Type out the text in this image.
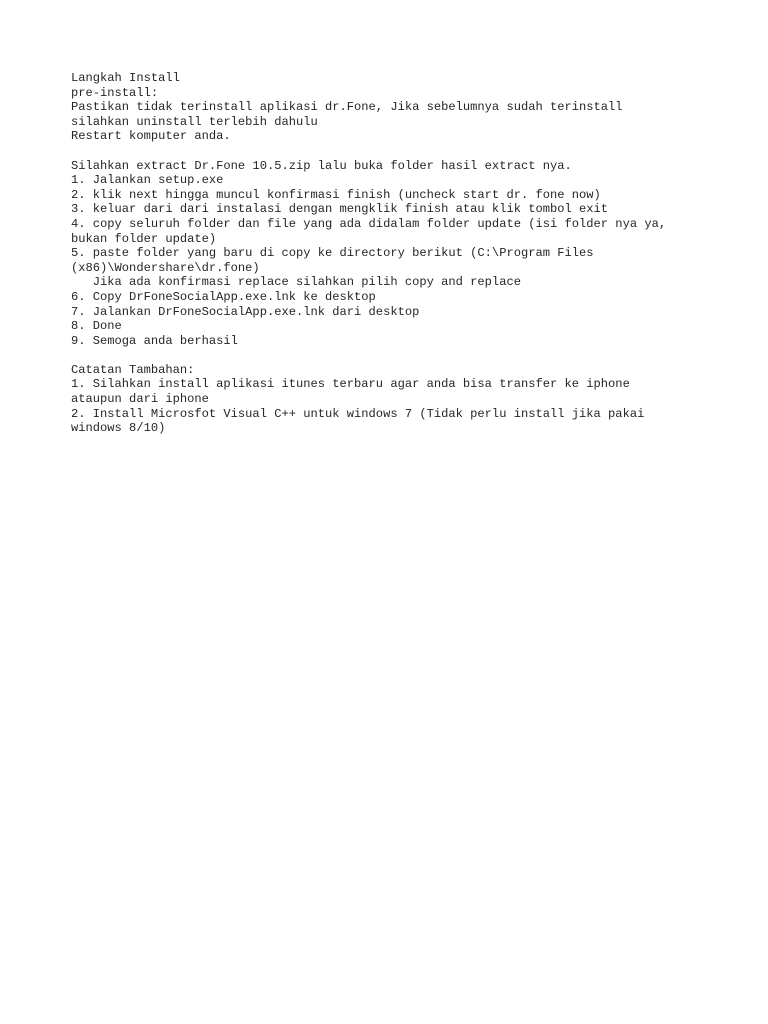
Langkah Install
pre-install:
Pastikan tidak terinstall aplikasi dr.Fone, Jika sebelumnya sudah terinstall
silahkan uninstall terlebih dahulu
Restart komputer anda.
Silahkan extract Dr.Fone 10.5.zip lalu buka folder hasil extract nya.
1. Jalankan setup.exe
2. klik next hingga muncul konfirmasi finish (uncheck start dr. fone now)
3. keluar dari dari instalasi dengan mengklik finish atau klik tombol exit
4. copy seluruh folder dan file yang ada didalam folder update (isi folder nya ya,
bukan folder update)
5. paste folder yang baru di copy ke directory berikut (C:\Program Files
(x86)\Wondershare\dr.fone)
Jika ada konfirmasi replace silahkan pilih copy and replace
6. Copy DrFoneSocialApp.exe.lnk ke desktop
7. Jalankan DrFoneSocialApp.exe.lnk dari desktop
8. Done
9. Semoga anda berhasil
Catatan Tambahan:
1. Silahkan install aplikasi itunes terbaru agar anda bisa transfer ke iphone
ataupun dari iphone
2. Install Microsfot Visual C++ untuk windows 7 (Tidak perlu install jika pakai
windows 8/10)
